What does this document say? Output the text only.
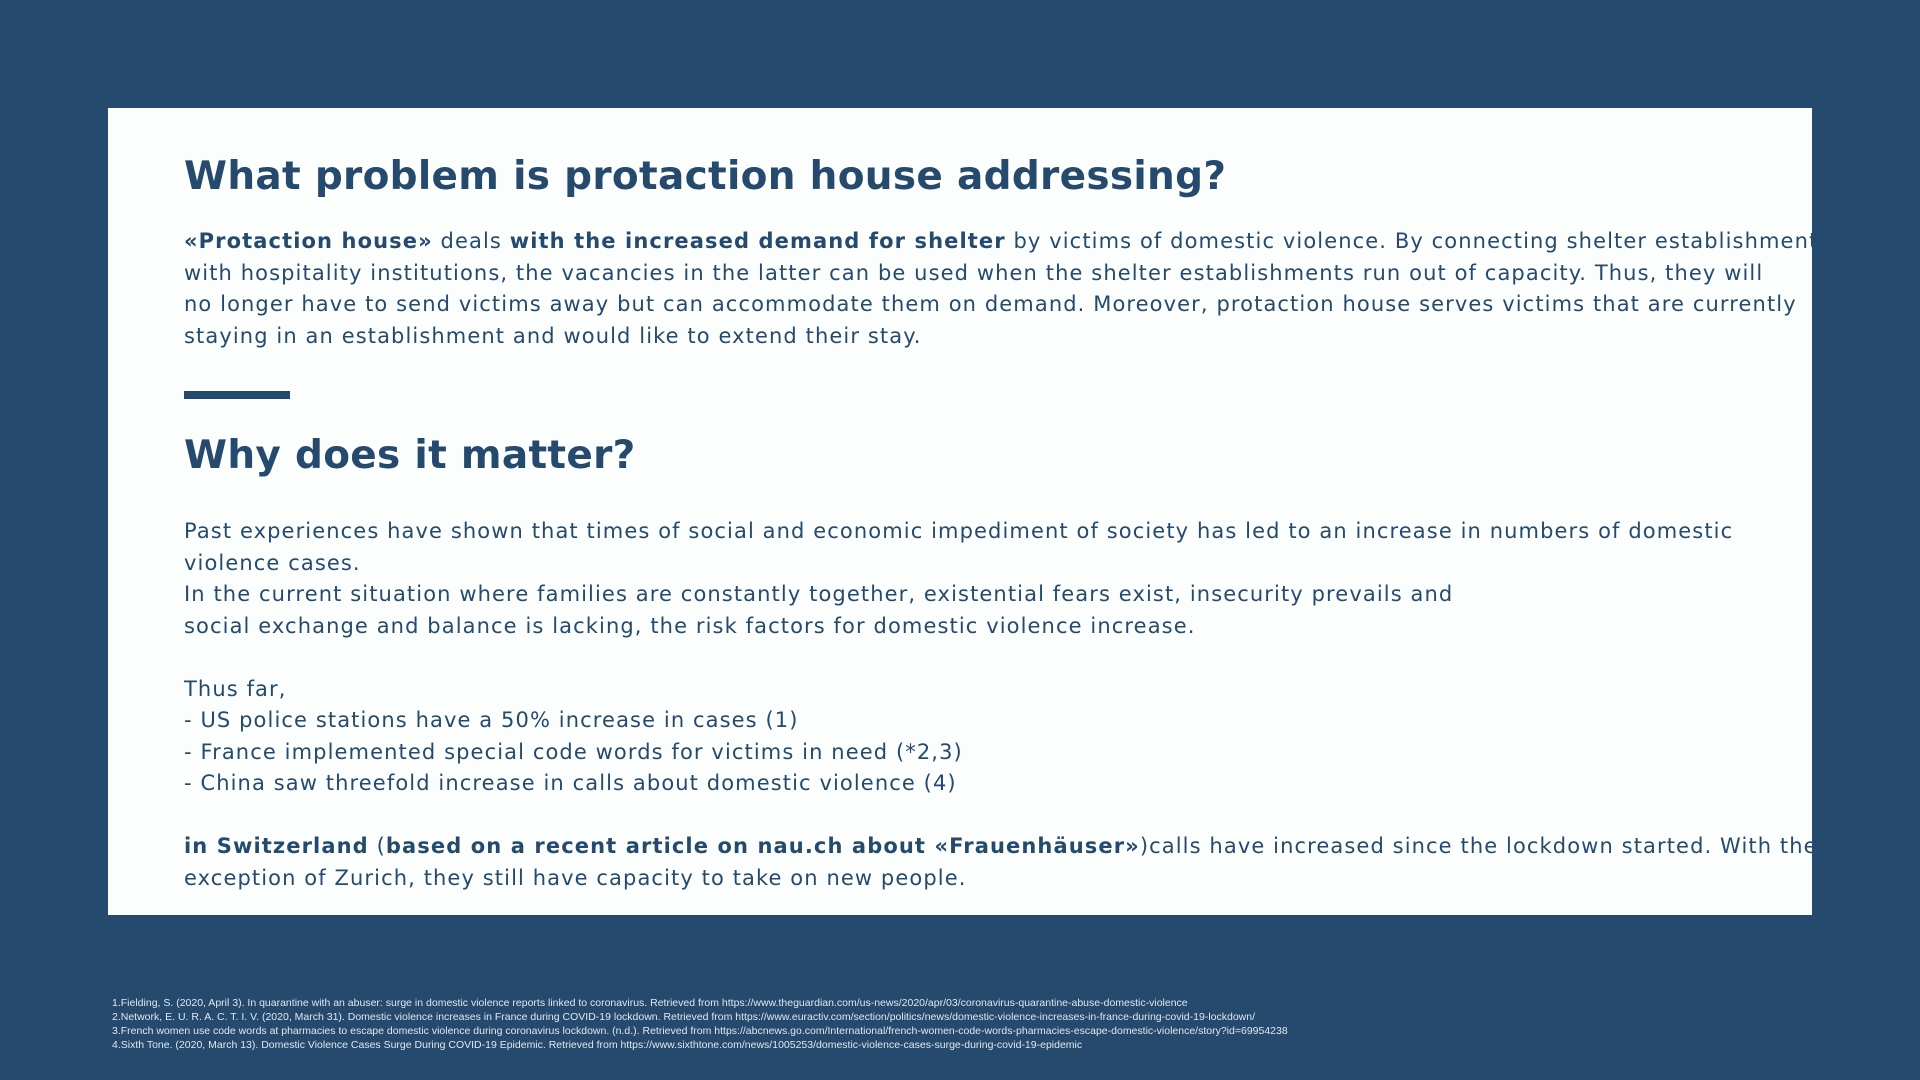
What problem is protaction house addressing?
«Protaction house» deals with the increased demand for shelter by victims of domestic violence. By connecting shelter establishments
with hospitality institutions, the vacancies in the latter can be used when the shelter establishments run out of capacity. Thus, they will
no longer have to send victims away but can accommodate them on demand. Moreover, protaction house serves victims that are currently
staying in an establishment and would like to extend their stay.
Why does it matter?
Past experiences have shown that times of social and economic impediment of society has led to an increase in numbers of domestic
violence cases.
In the current situation where families are constantly together, existential fears exist, insecurity prevails and
social exchange and balance is lacking, the risk factors for domestic violence increase.
Thus far,
- US police stations have a 50% increase in cases (1)
- France implemented special code words for victims in need (*2,3)
- China saw threefold increase in calls about domestic violence (4)
in Switzerland (based on a recent article on nau.ch about «Frauenhäuser»)calls have increased since the lockdown started. With the
exception of Zurich, they still have capacity to take on new people.
1.Fielding, S. (2020, April 3). In quarantine with an abuser: surge in domestic violence reports linked to coronavirus. Retrieved from https://www.theguardian.com/us-news/2020/apr/03/coronavirus-quarantine-abuse-domestic-violence
2.Network, E. U. R. A. C. T. I. V. (2020, March 31). Domestic violence increases in France during COVID-19 lockdown. Retrieved from https://www.euractiv.com/section/politics/news/domestic-violence-increases-in-france-during-covid-19-lockdown/
3.French women use code words at pharmacies to escape domestic violence during coronavirus lockdown. (n.d.). Retrieved from https://abcnews.go.com/International/french-women-code-words-pharmacies-escape-domestic-violence/story?id=69954238
4.Sixth Tone. (2020, March 13). Domestic Violence Cases Surge During COVID-19 Epidemic. Retrieved from https://www.sixthtone.com/news/1005253/domestic-violence-cases-surge-during-covid-19-epidemic
